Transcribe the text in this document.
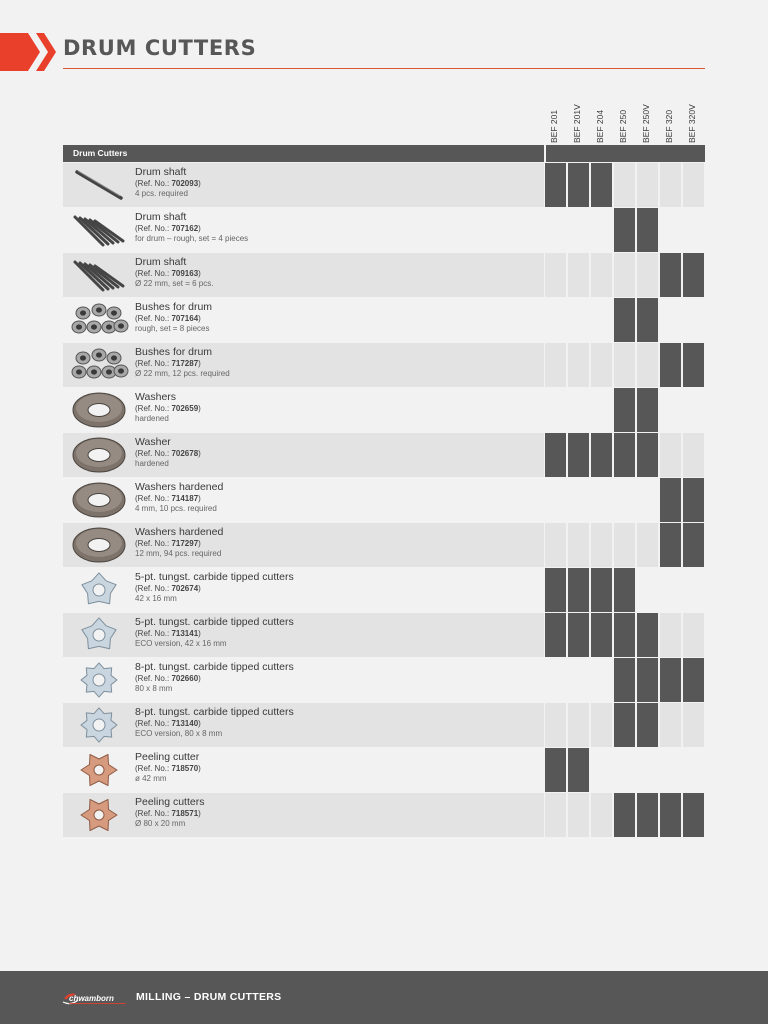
DRUM CUTTERS
BEF 201 BEF 201V BEF 204 BEF 250 BEF 250V BEF 320 BEF 320V
Drum Cutters
Drum shaft
(Ref. No.: 702093)
4 pcs. required
Drum shaft
(Ref. No.: 707162)
for drum – rough, set = 4 pieces
Drum shaft
(Ref. No.: 709163)
Ø 22 mm, set = 6 pcs.
Bushes for drum
(Ref. No.: 707164)
rough, set = 8 pieces
Bushes for drum
(Ref. No.: 717287)
Ø 22 mm, 12 pcs. required
Washers
(Ref. No.: 702659)
hardened
Washer
(Ref. No.: 702678)
hardened
Washers hardened
(Ref. No.: 714187)
4 mm, 10 pcs. required
Washers hardened
(Ref. No.: 717297)
12 mm, 94 pcs. required
5-pt. tungst. carbide tipped cutters
(Ref. No.: 702674)
42 x 16 mm
5-pt. tungst. carbide tipped cutters
(Ref. No.: 713141)
ECO version, 42 x 16 mm
8-pt. tungst. carbide tipped cutters
(Ref. No.: 702660)
80 x 8 mm
8-pt. tungst. carbide tipped cutters
(Ref. No.: 713140)
ECO version, 80 x 8 mm
Peeling cutter
(Ref. No.: 718570)
ø 42 mm
Peeling cutters
(Ref. No.: 718571)
Ø 80 x 20 mm
chwamborn MILLING – DRUM CUTTERS
